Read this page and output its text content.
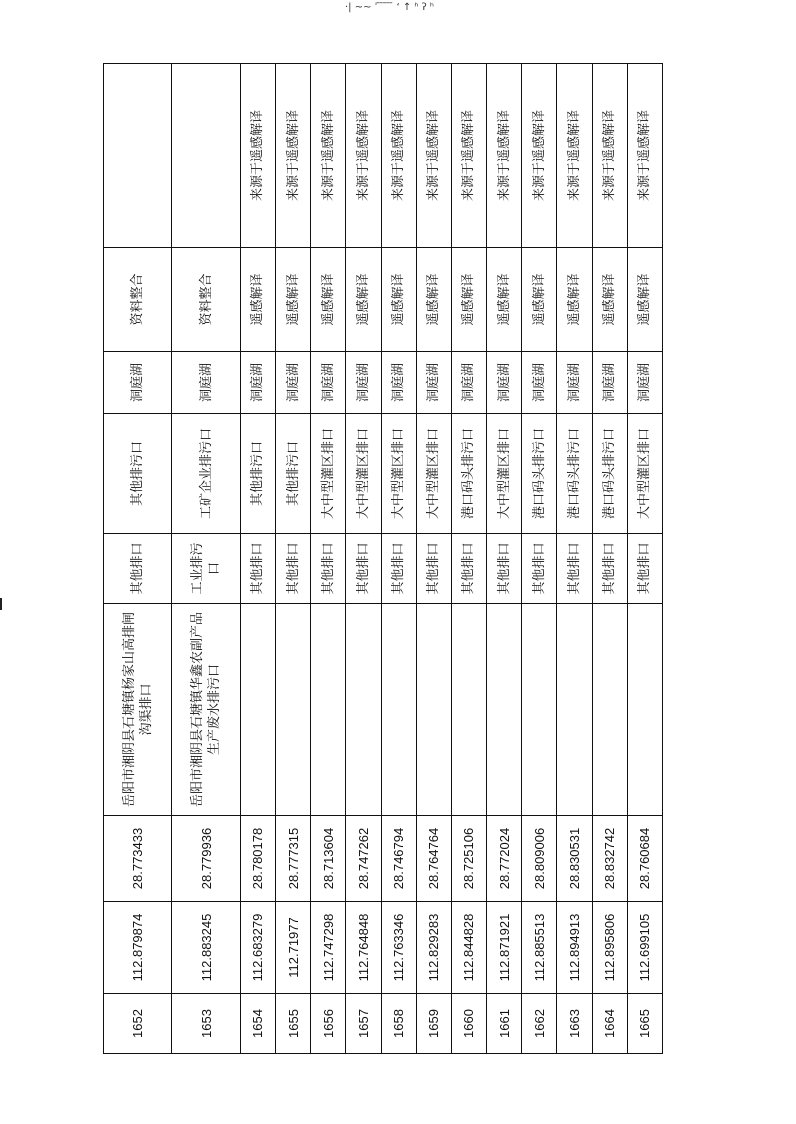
·| ~~ ˈ ̄ ̄ ̄ ̄ ̄ ‘ ↑ ʰ ʔ ʰ
1652	112.879874	28.773433	岳阳市湘阴县石塘镇杨家山高排闸沟渠排口	其他排口	其他排污口	洞庭湖	资料整合	
1653	112.883245	28.779936	岳阳市湘阴县石塘镇华鑫农副产品生产废水排污口	工业排污口	工矿企业排污口	洞庭湖	资料整合	
1654	112.683279	28.780178		其他排口	其他排污口	洞庭湖	遥感解译	来源于遥感解译
1655	112.71977	28.777315		其他排口	其他排污口	洞庭湖	遥感解译	来源于遥感解译
1656	112.747298	28.713604		其他排口	大中型灌区排口	洞庭湖	遥感解译	来源于遥感解译
1657	112.764848	28.747262		其他排口	大中型灌区排口	洞庭湖	遥感解译	来源于遥感解译
1658	112.763346	28.746794		其他排口	大中型灌区排口	洞庭湖	遥感解译	来源于遥感解译
1659	112.829283	28.764764		其他排口	大中型灌区排口	洞庭湖	遥感解译	来源于遥感解译
1660	112.844828	28.725106		其他排口	港口码头排污口	洞庭湖	遥感解译	来源于遥感解译
1661	112.871921	28.772024		其他排口	大中型灌区排口	洞庭湖	遥感解译	来源于遥感解译
1662	112.885513	28.809006		其他排口	港口码头排污口	洞庭湖	遥感解译	来源于遥感解译
1663	112.894913	28.830531		其他排口	港口码头排污口	洞庭湖	遥感解译	来源于遥感解译
1664	112.895806	28.832742		其他排口	港口码头排污口	洞庭湖	遥感解译	来源于遥感解译
1665	112.699105	28.760684		其他排口	大中型灌区排口	洞庭湖	遥感解译	来源于遥感解译
